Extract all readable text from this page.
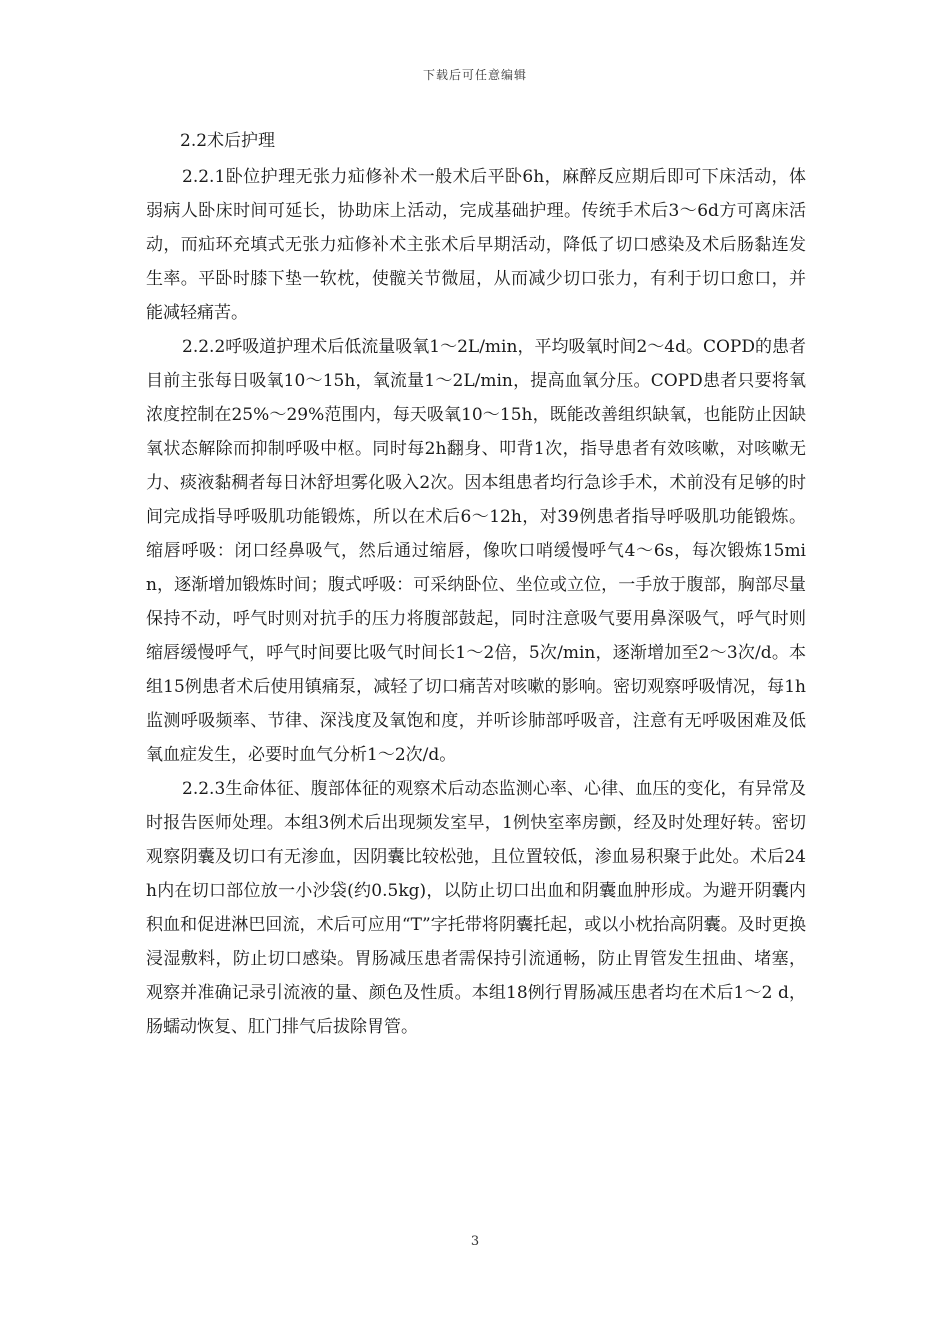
下载后可任意编辑

2.2术后护理

2.2.1卧位护理无张力疝修补术一般术后平卧6h，麻醉反应期后即可下床活动，体弱病人卧床时间可延长，协助床上活动，完成基础护理。传统手术后3～6d方可离床活动，而疝环充填式无张力疝修补术主张术后早期活动，降低了切口感染及术后肠黏连发生率。平卧时膝下垫一软枕，使髋关节微屈，从而减少切口张力，有利于切口愈口，并能减轻痛苦。

2.2.2呼吸道护理术后低流量吸氧1～2L/min，平均吸氧时间2～4d。COPD的患者目前主张每日吸氧10～15h，氧流量1～2L/min，提高血氧分压。COPD患者只要将氧浓度控制在25%～29%范围内，每天吸氧10～15h，既能改善组织缺氧，也能防止因缺氧状态解除而抑制呼吸中枢。同时每2h翻身、叩背1次，指导患者有效咳嗽，对咳嗽无力、痰液黏稠者每日沐舒坦雾化吸入2次。因本组患者均行急诊手术，术前没有足够的时间完成指导呼吸肌功能锻炼，所以在术后6～12h，对39例患者指导呼吸肌功能锻炼。缩唇呼吸：闭口经鼻吸气，然后通过缩唇，像吹口哨缓慢呼气4～6s，每次锻炼15min，逐渐增加锻炼时间；腹式呼吸：可采纳卧位、坐位或立位，一手放于腹部，胸部尽量保持不动，呼气时则对抗手的压力将腹部鼓起，同时注意吸气要用鼻深吸气，呼气时则缩唇缓慢呼气，呼气时间要比吸气时间长1～2倍，5次/min，逐渐增加至2～3次/d。本组15例患者术后使用镇痛泵，减轻了切口痛苦对咳嗽的影响。密切观察呼吸情况，每1h监测呼吸频率、节律、深浅度及氧饱和度，并听诊肺部呼吸音，注意有无呼吸困难及低氧血症发生，必要时血气分析1～2次/d。

2.2.3生命体征、腹部体征的观察术后动态监测心率、心律、血压的变化，有异常及时报告医师处理。本组3例术后出现频发室早，1例快室率房颤，经及时处理好转。密切观察阴囊及切口有无渗血，因阴囊比较松弛，且位置较低，渗血易积聚于此处。术后24h内在切口部位放一小沙袋(约0.5kg)，以防止切口出血和阴囊血肿形成。为避开阴囊内积血和促进淋巴回流，术后可应用“T”字托带将阴囊托起，或以小枕抬高阴囊。及时更换浸湿敷料，防止切口感染。胃肠减压患者需保持引流通畅，防止胃管发生扭曲、堵塞，观察并准确记录引流液的量、颜色及性质。本组18例行胃肠减压患者均在术后1～2 d，肠蠕动恢复、肛门排气后拔除胃管。

3
